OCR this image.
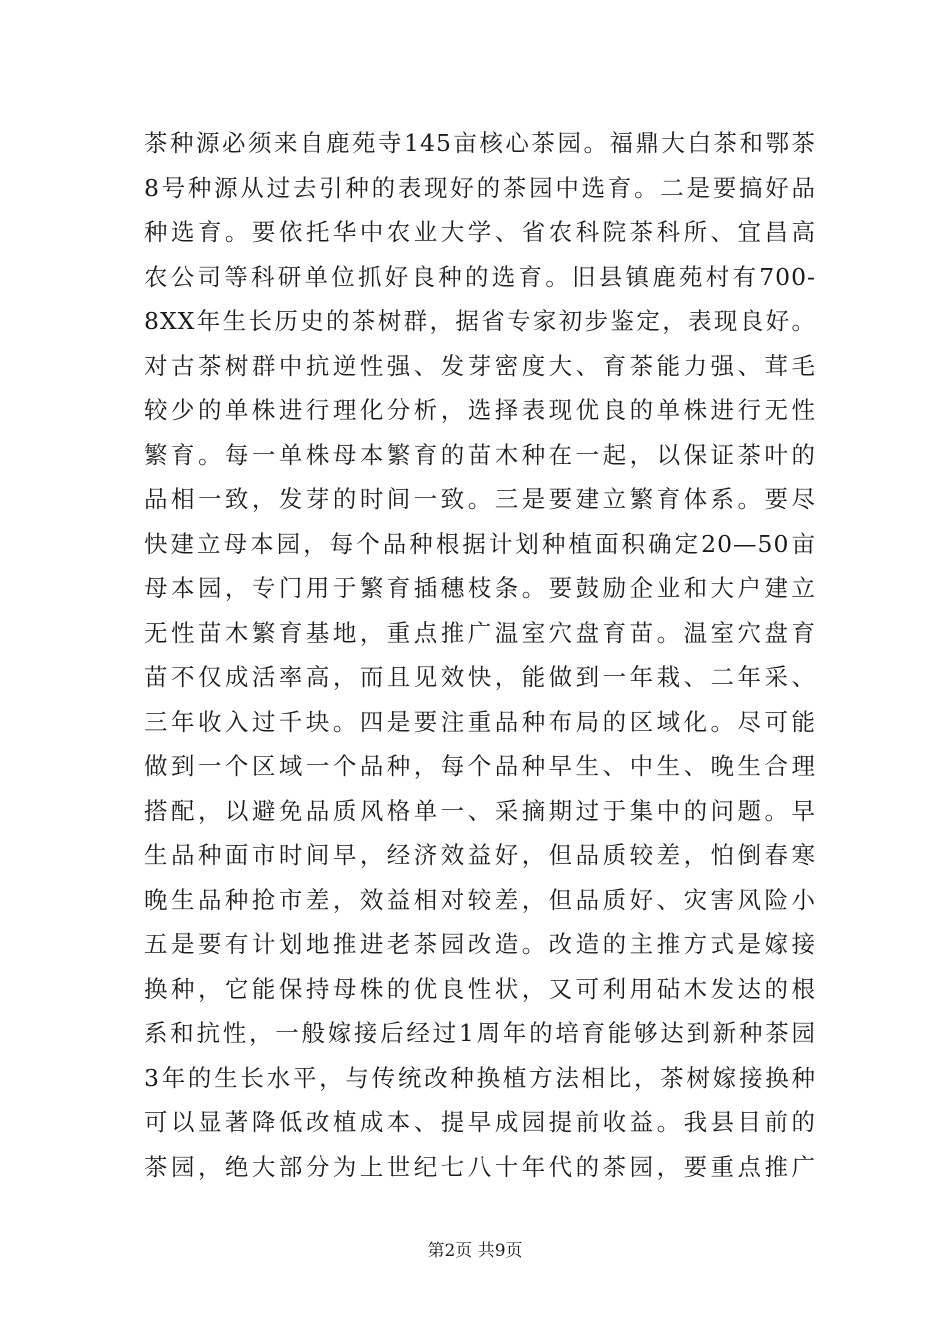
茶种源必须来自鹿苑寺145亩核心茶园。福鼎大白茶和鄂茶
8号种源从过去引种的表现好的茶园中选育。二是要搞好品
种选育。要依托华中农业大学、省农科院茶科所、宜昌高
农公司等科研单位抓好良种的选育。旧县镇鹿苑村有700-
8XX年生长历史的茶树群，据省专家初步鉴定，表现良好。
对古茶树群中抗逆性强、发芽密度大、育茶能力强、茸毛
较少的单株进行理化分析，选择表现优良的单株进行无性
繁育。每一单株母本繁育的苗木种在一起，以保证茶叶的
品相一致，发芽的时间一致。三是要建立繁育体系。要尽
快建立母本园，每个品种根据计划种植面积确定20—50亩
母本园，专门用于繁育插穗枝条。要鼓励企业和大户建立
无性苗木繁育基地，重点推广温室穴盘育苗。温室穴盘育
苗不仅成活率高，而且见效快，能做到一年栽、二年采、
三年收入过千块。四是要注重品种布局的区域化。尽可能
做到一个区域一个品种，每个品种早生、中生、晚生合理
搭配，以避免品质风格单一、采摘期过于集中的问题。早
生品种面市时间早，经济效益好，但品质较差，怕倒春寒
晚生品种抢市差，效益相对较差，但品质好、灾害风险小
五是要有计划地推进老茶园改造。改造的主推方式是嫁接
换种，它能保持母株的优良性状，又可利用砧木发达的根
系和抗性，一般嫁接后经过1周年的培育能够达到新种茶园
3年的生长水平，与传统改种换植方法相比，茶树嫁接换种
可以显著降低改植成本、提早成园提前收益。我县目前的
茶园，绝大部分为上世纪七八十年代的茶园，要重点推广
第2页 共9页
